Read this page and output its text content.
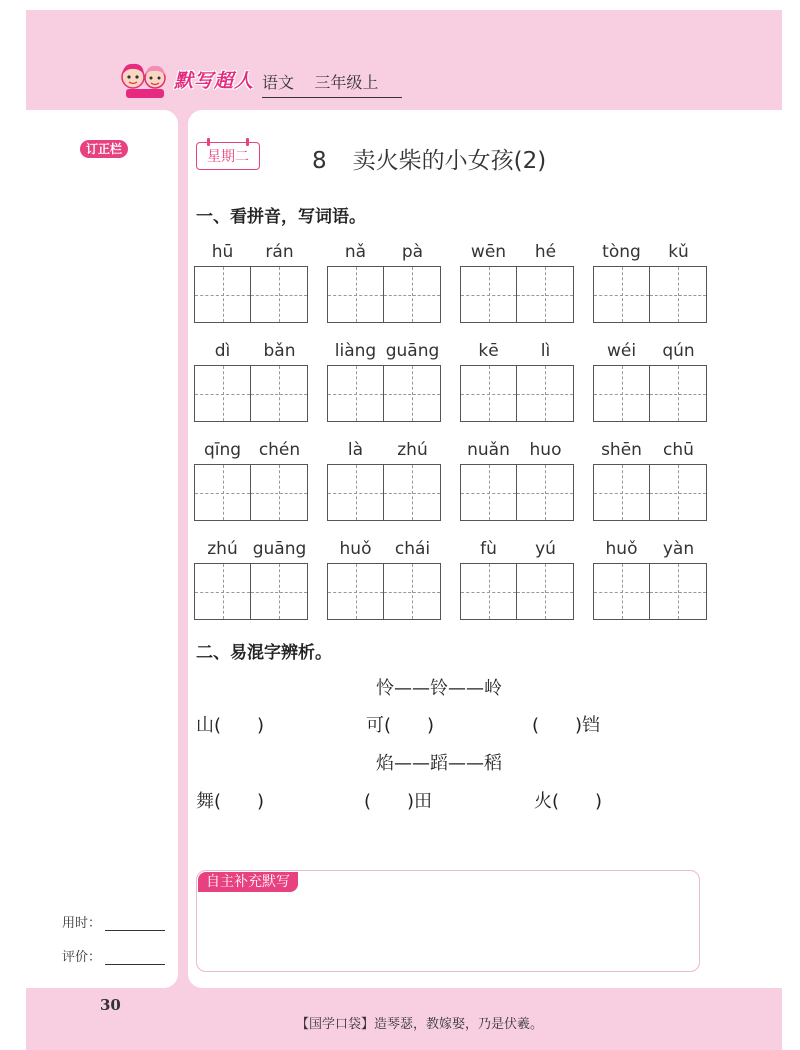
默写超人 语文 三年级上
订正栏
用时：
评价：
星期二	8 卖火柴的小女孩(2)
一、看拼音，写词语。
hū	rán	nǎ	pà	wēn	hé	tòng	kǔ
dì	bǎn	liàng guāng	kē	lì	wéi	qún
qīng	chén	là	zhú	nuǎn	huo	shēn	chū
zhú guāng	huǒ	chái	fù	yú	huǒ	yàn
二、易混字辨析。
怜——铃——岭
山(　　)	可(　　)	(　　)铛
焰——蹈——稻
舞(　　)	(　　)田	火(　　)
自主补充默写
30
【国学口袋】造琴瑟，教嫁娶，乃是伏羲。
